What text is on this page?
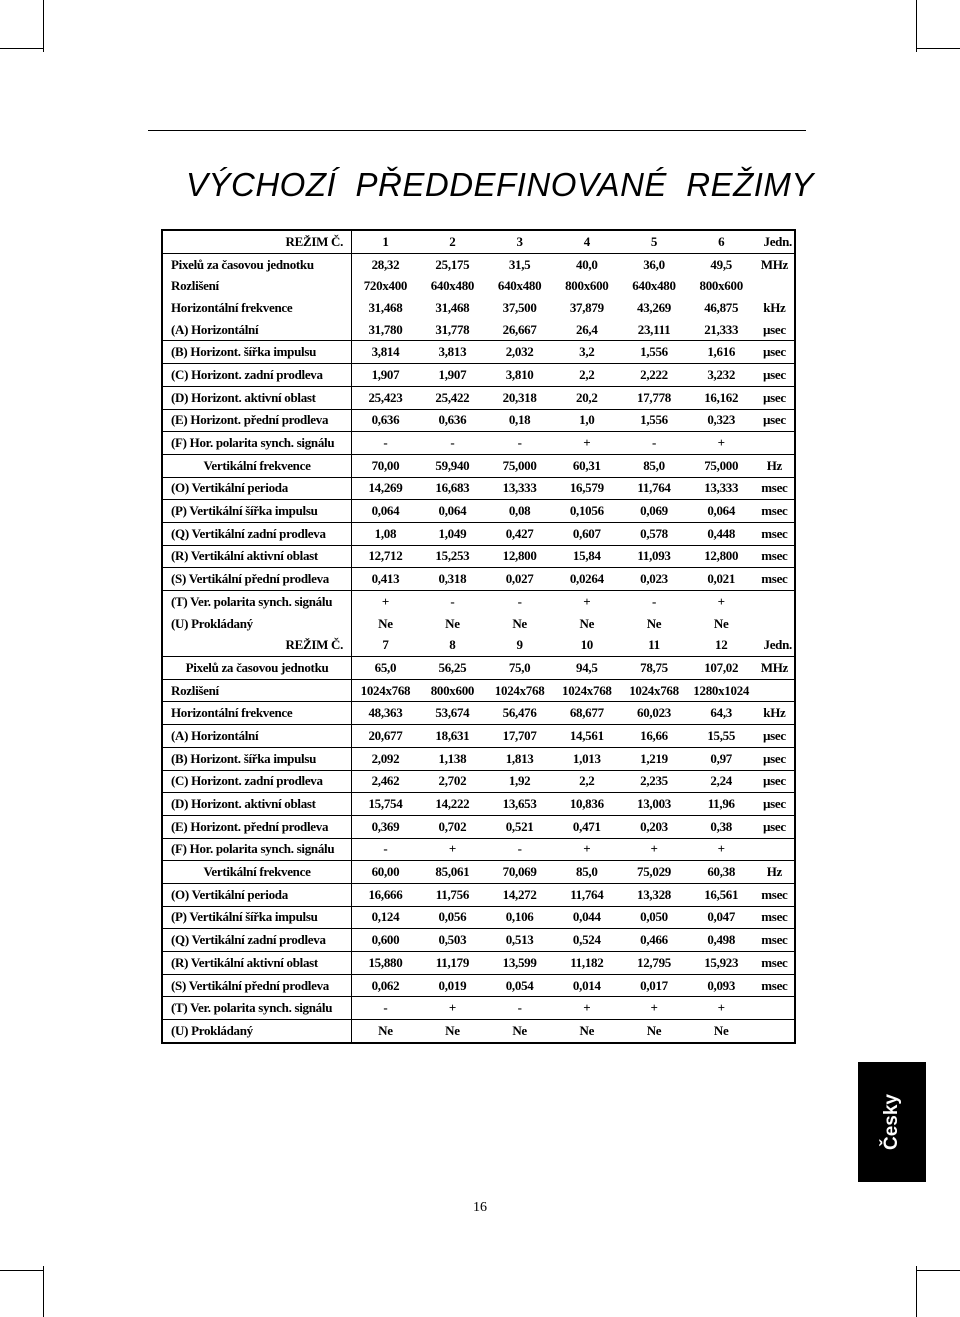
VÝCHOZÍ  PŘEDDEFINOVANÉ  REŽIMY
REŽIM Č.	1	2	3	4	5	6	Jedn.
Pixelů za časovou jednotku	28,32	25,175	31,5	40,0	36,0	49,5	MHz
Rozlišení	720x400	640x480	640x480	800x600	640x480	800x600	
Horizontální frekvence	31,468	31,468	37,500	37,879	43,269	46,875	kHz
(A) Horizontální	31,780	31,778	26,667	26,4	23,111	21,333	µsec
(B) Horizont. šířka impulsu	3,814	3,813	2,032	3,2	1,556	1,616	µsec
(C) Horizont. zadní prodleva	1,907	1,907	3,810	2,2	2,222	3,232	µsec
(D) Horizont. aktivní oblast	25,423	25,422	20,318	20,2	17,778	16,162	µsec
(E) Horizont. přední prodleva	0,636	0,636	0,18	1,0	1,556	0,323	µsec
(F) Hor. polarita synch. signálu	-	-	-	+	-	+	
Vertikální frekvence	70,00	59,940	75,000	60,31	85,0	75,000	Hz
(O) Vertikální perioda	14,269	16,683	13,333	16,579	11,764	13,333	msec
(P) Vertikální šířka impulsu	0,064	0,064	0,08	0,1056	0,069	0,064	msec
(Q) Vertikální zadní prodleva	1,08	1,049	0,427	0,607	0,578	0,448	msec
(R) Vertikální aktivní oblast	12,712	15,253	12,800	15,84	11,093	12,800	msec
(S) Vertikální přední prodleva	0,413	0,318	0,027	0,0264	0,023	0,021	msec
(T) Ver. polarita synch. signálu	+	-	-	+	-	+	
(U) Prokládaný	Ne	Ne	Ne	Ne	Ne	Ne	
REŽIM Č.	7	8	9	10	11	12	Jedn.
Pixelů za časovou jednotku	65,0	56,25	75,0	94,5	78,75	107,02	MHz
Rozlišení	1024x768	800x600	1024x768	1024x768	1024x768	1280x1024	
Horizontální frekvence	48,363	53,674	56,476	68,677	60,023	64,3	kHz
(A) Horizontální	20,677	18,631	17,707	14,561	16,66	15,55	µsec
(B) Horizont. šířka impulsu	2,092	1,138	1,813	1,013	1,219	0,97	µsec
(C) Horizont. zadní prodleva	2,462	2,702	1,92	2,2	2,235	2,24	µsec
(D) Horizont. aktivní oblast	15,754	14,222	13,653	10,836	13,003	11,96	µsec
(E) Horizont. přední prodleva	0,369	0,702	0,521	0,471	0,203	0,38	µsec
(F) Hor. polarita synch. signálu	-	+	-	+	+	+	
Vertikální frekvence	60,00	85,061	70,069	85,0	75,029	60,38	Hz
(O) Vertikální perioda	16,666	11,756	14,272	11,764	13,328	16,561	msec
(P) Vertikální šířka impulsu	0,124	0,056	0,106	0,044	0,050	0,047	msec
(Q) Vertikální zadní prodleva	0,600	0,503	0,513	0,524	0,466	0,498	msec
(R) Vertikální aktivní oblast	15,880	11,179	13,599	11,182	12,795	15,923	msec
(S) Vertikální přední prodleva	0,062	0,019	0,054	0,014	0,017	0,093	msec
(T) Ver. polarita synch. signálu	-	+	-	+	+	+	
(U) Prokládaný	Ne	Ne	Ne	Ne	Ne	Ne	
Česky
16
